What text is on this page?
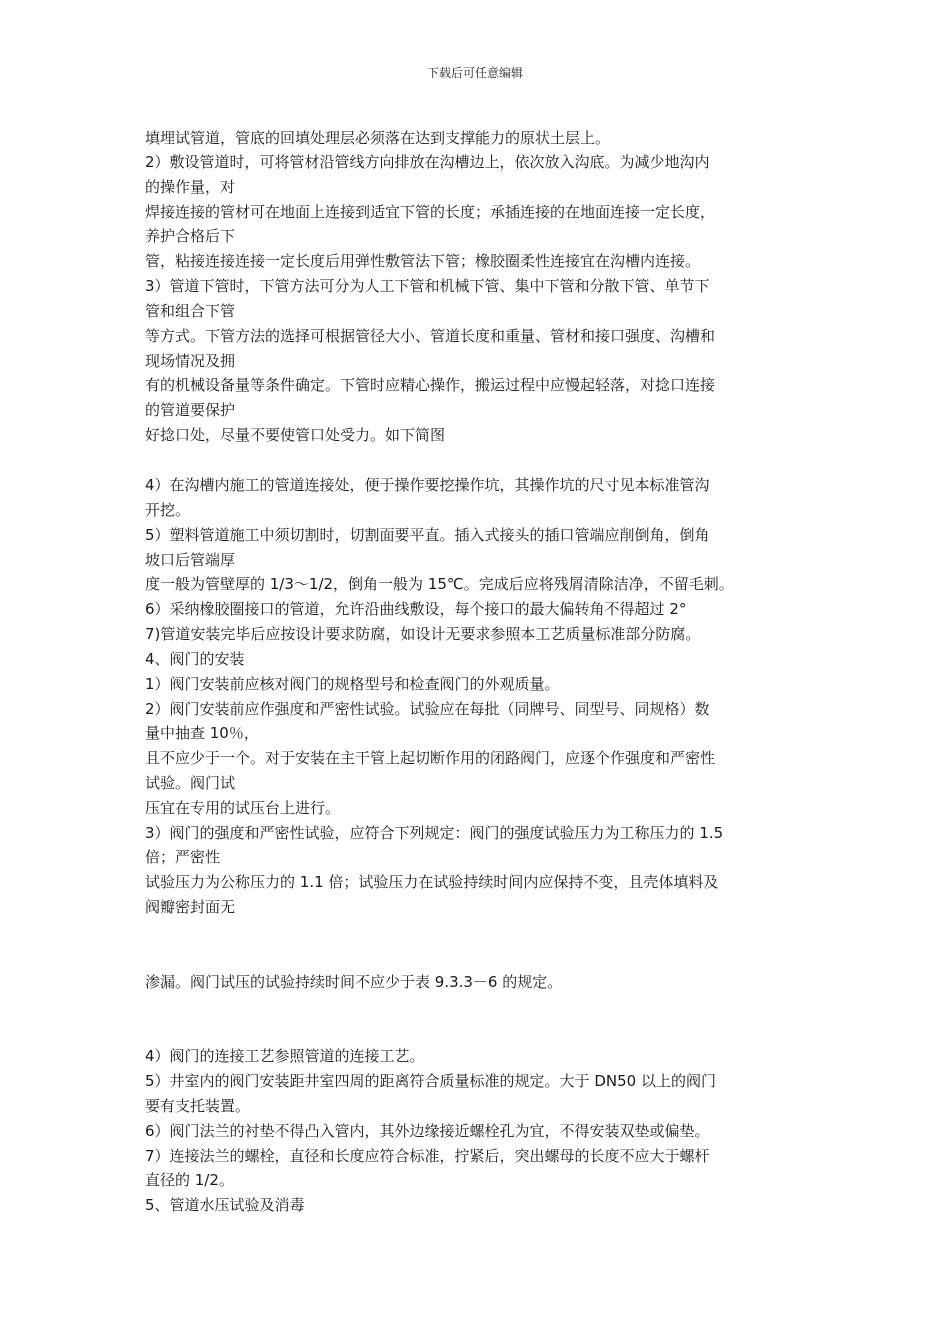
下载后可任意编辑
填埋试管道，管底的回填处理层必须落在达到支撑能力的原状土层上。
2）敷设管道时，可将管材沿管线方向排放在沟槽边上，依次放入沟底。为减少地沟内
的操作量，对
焊接连接的管材可在地面上连接到适宜下管的长度；承插连接的在地面连接一定长度，
养护合格后下
管，粘接连接连接一定长度后用弹性敷管法下管；橡胶圈柔性连接宜在沟槽内连接。
3）管道下管时，下管方法可分为人工下管和机械下管、集中下管和分散下管、单节下
管和组合下管
等方式。下管方法的选择可根据管径大小、管道长度和重量、管材和接口强度、沟槽和
现场情况及拥
有的机械设备量等条件确定。下管时应精心操作，搬运过程中应慢起轻落，对捻口连接
的管道要保护
好捻口处，尽量不要使管口处受力。如下简图
4）在沟槽内施工的管道连接处，便于操作要挖操作坑，其操作坑的尺寸见本标准管沟
开挖。
5）塑料管道施工中须切割时，切割面要平直。插入式接头的插口管端应削倒角，倒角
坡口后管端厚
度一般为管壁厚的 1/3～1/2，倒角一般为 15℃。完成后应将残屑清除洁净，不留毛刺。
6）采纳橡胶圈接口的管道，允许沿曲线敷设，每个接口的最大偏转角不得超过 2°
7)管道安装完毕后应按设计要求防腐，如设计无要求参照本工艺质量标准部分防腐。
4、阀门的安装
1）阀门安装前应核对阀门的规格型号和检查阀门的外观质量。
2）阀门安装前应作强度和严密性试验。试验应在每批（同牌号、同型号、同规格）数
量中抽查 10％，
且不应少于一个。对于安装在主干管上起切断作用的闭路阀门，应逐个作强度和严密性
试验。阀门试
压宜在专用的试压台上进行。
3）阀门的强度和严密性试验，应符合下列规定：阀门的强度试验压力为工称压力的 1.5
倍；严密性
试验压力为公称压力的 1.1 倍；试验压力在试验持续时间内应保持不变，且壳体填料及
阀瓣密封面无
渗漏。阀门试压的试验持续时间不应少于表 9.3.3－6 的规定。
4）阀门的连接工艺参照管道的连接工艺。
5）井室内的阀门安装距井室四周的距离符合质量标准的规定。大于 DN50 以上的阀门
要有支托装置。
6）阀门法兰的衬垫不得凸入管内，其外边缘接近螺栓孔为宜，不得安装双垫或偏垫。
7）连接法兰的螺栓，直径和长度应符合标准，拧紧后，突出螺母的长度不应大于螺杆
直径的 1/2。
5、管道水压试验及消毒
